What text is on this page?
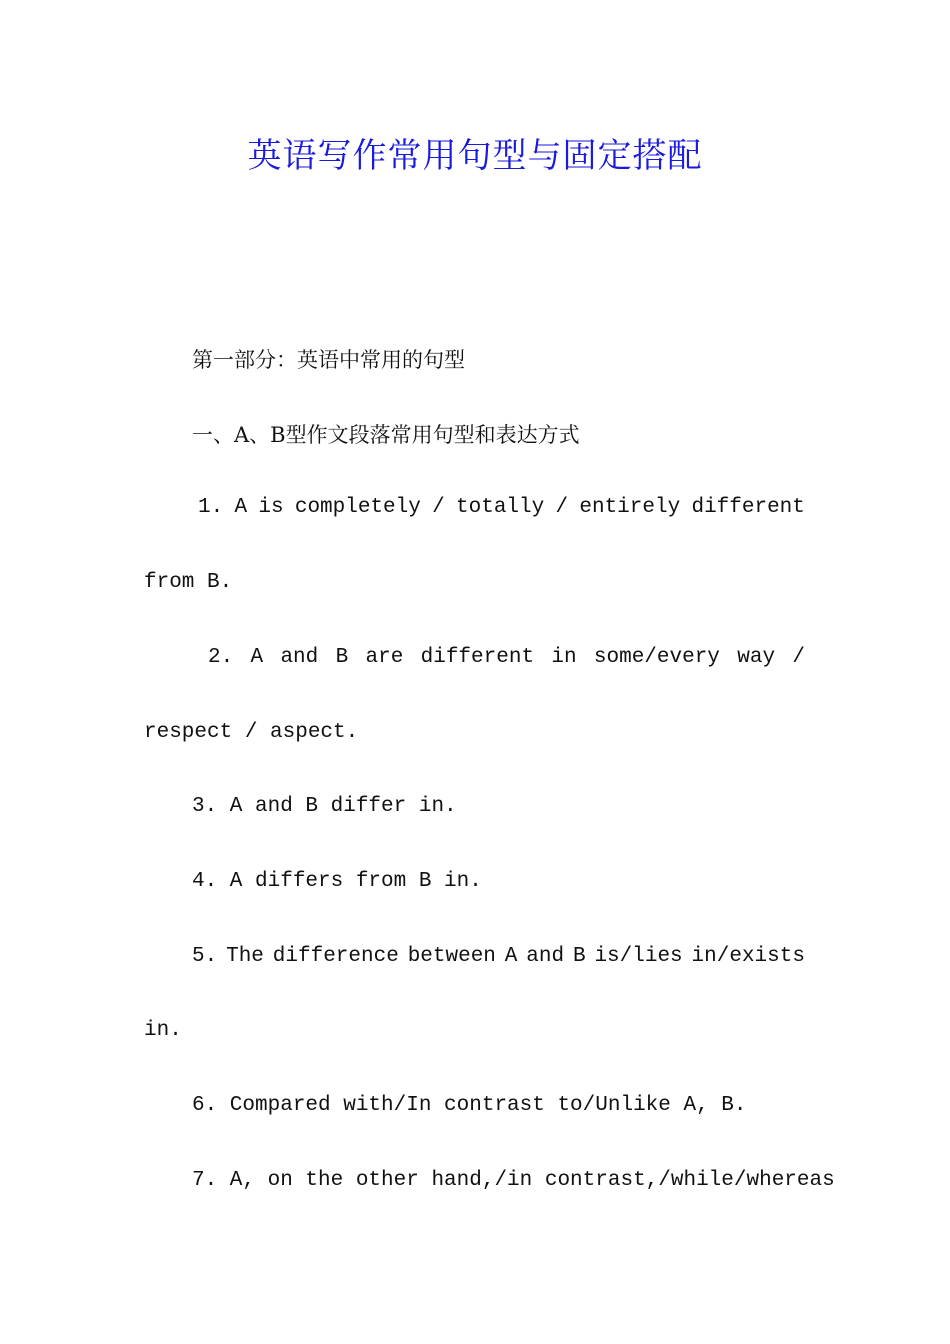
英语写作常用句型与固定搭配
第一部分：英语中常用的句型
一、A、B型作文段落常用句型和表达方式
1. A is completely / totally / entirely different
from B.
2. A and B are different in some/every way /
respect / aspect.
3. A and B differ in.
4. A differs from B in.
5. The difference between A and B is/lies in/exists
in.
6. Compared with/In contrast to/Unlike A, B.
7. A, on the other hand,/in contrast,/while/whereas
